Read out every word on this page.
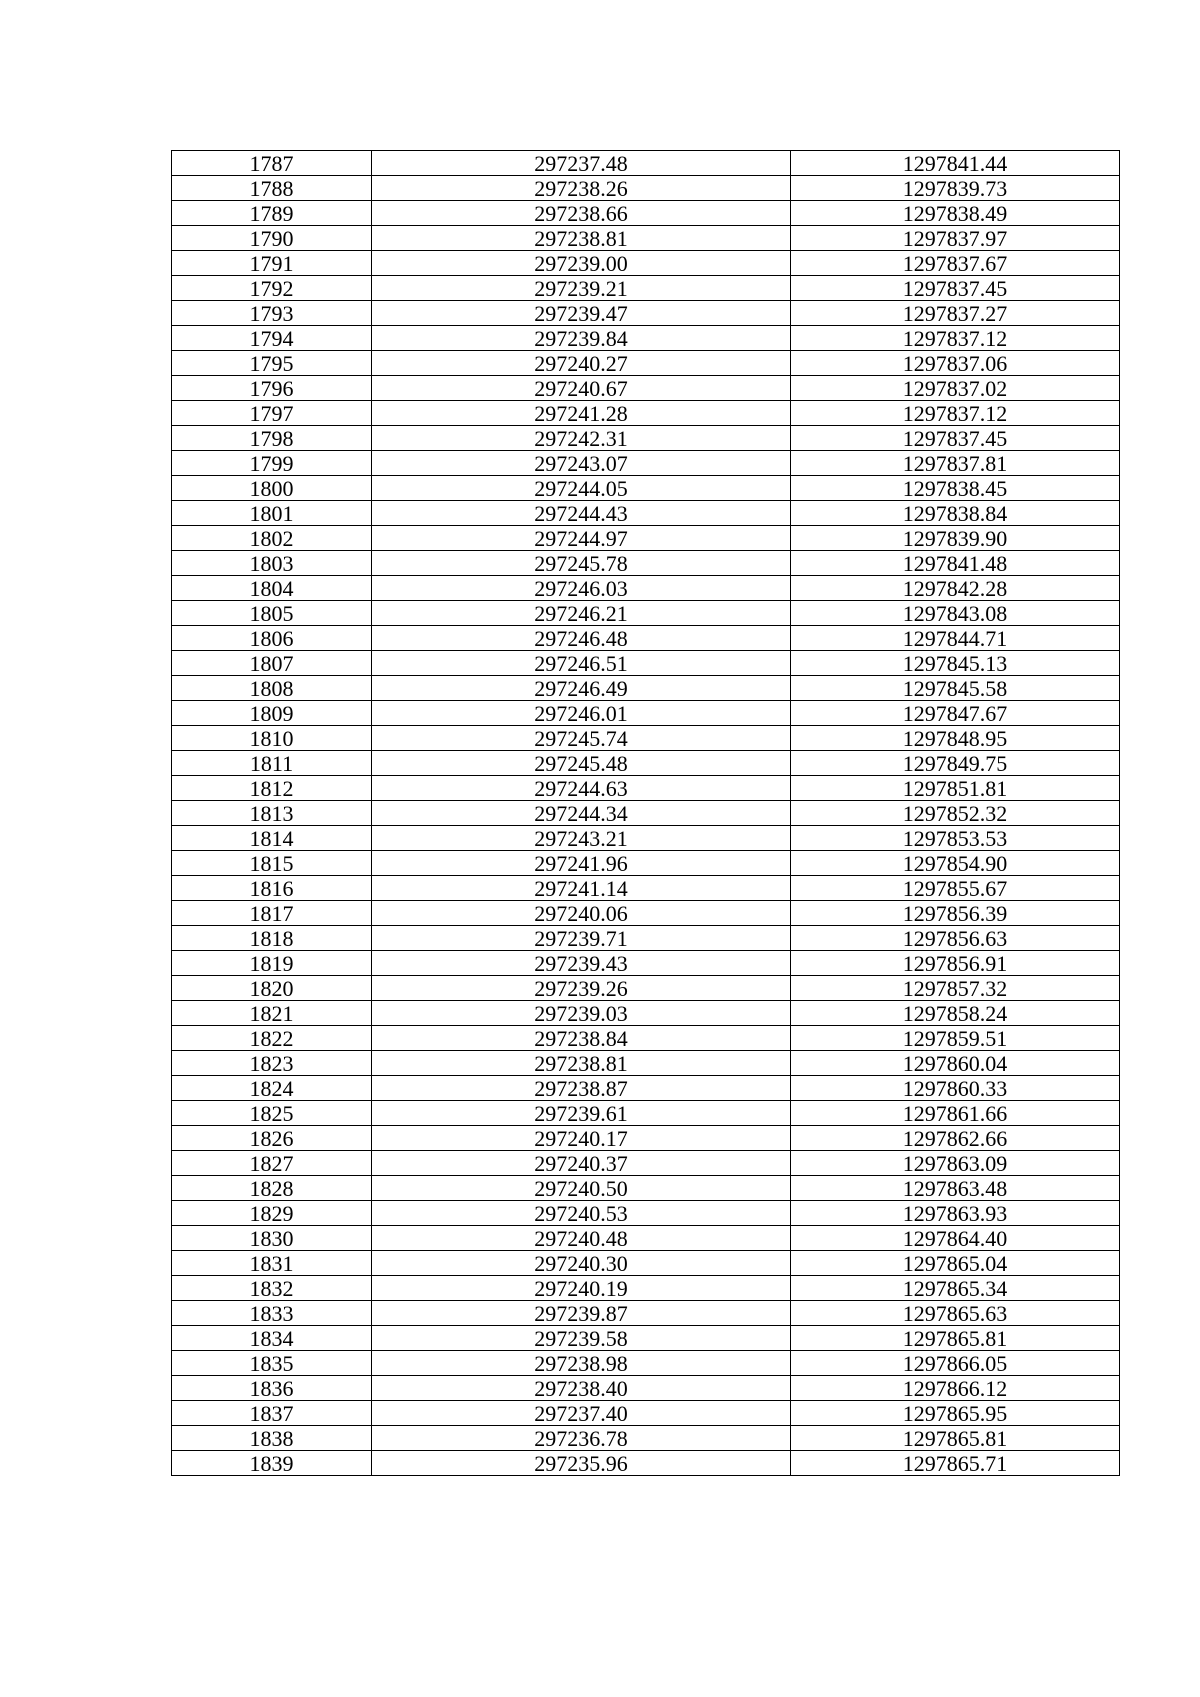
1787	297237.48	1297841.44
1788	297238.26	1297839.73
1789	297238.66	1297838.49
1790	297238.81	1297837.97
1791	297239.00	1297837.67
1792	297239.21	1297837.45
1793	297239.47	1297837.27
1794	297239.84	1297837.12
1795	297240.27	1297837.06
1796	297240.67	1297837.02
1797	297241.28	1297837.12
1798	297242.31	1297837.45
1799	297243.07	1297837.81
1800	297244.05	1297838.45
1801	297244.43	1297838.84
1802	297244.97	1297839.90
1803	297245.78	1297841.48
1804	297246.03	1297842.28
1805	297246.21	1297843.08
1806	297246.48	1297844.71
1807	297246.51	1297845.13
1808	297246.49	1297845.58
1809	297246.01	1297847.67
1810	297245.74	1297848.95
1811	297245.48	1297849.75
1812	297244.63	1297851.81
1813	297244.34	1297852.32
1814	297243.21	1297853.53
1815	297241.96	1297854.90
1816	297241.14	1297855.67
1817	297240.06	1297856.39
1818	297239.71	1297856.63
1819	297239.43	1297856.91
1820	297239.26	1297857.32
1821	297239.03	1297858.24
1822	297238.84	1297859.51
1823	297238.81	1297860.04
1824	297238.87	1297860.33
1825	297239.61	1297861.66
1826	297240.17	1297862.66
1827	297240.37	1297863.09
1828	297240.50	1297863.48
1829	297240.53	1297863.93
1830	297240.48	1297864.40
1831	297240.30	1297865.04
1832	297240.19	1297865.34
1833	297239.87	1297865.63
1834	297239.58	1297865.81
1835	297238.98	1297866.05
1836	297238.40	1297866.12
1837	297237.40	1297865.95
1838	297236.78	1297865.81
1839	297235.96	1297865.71
